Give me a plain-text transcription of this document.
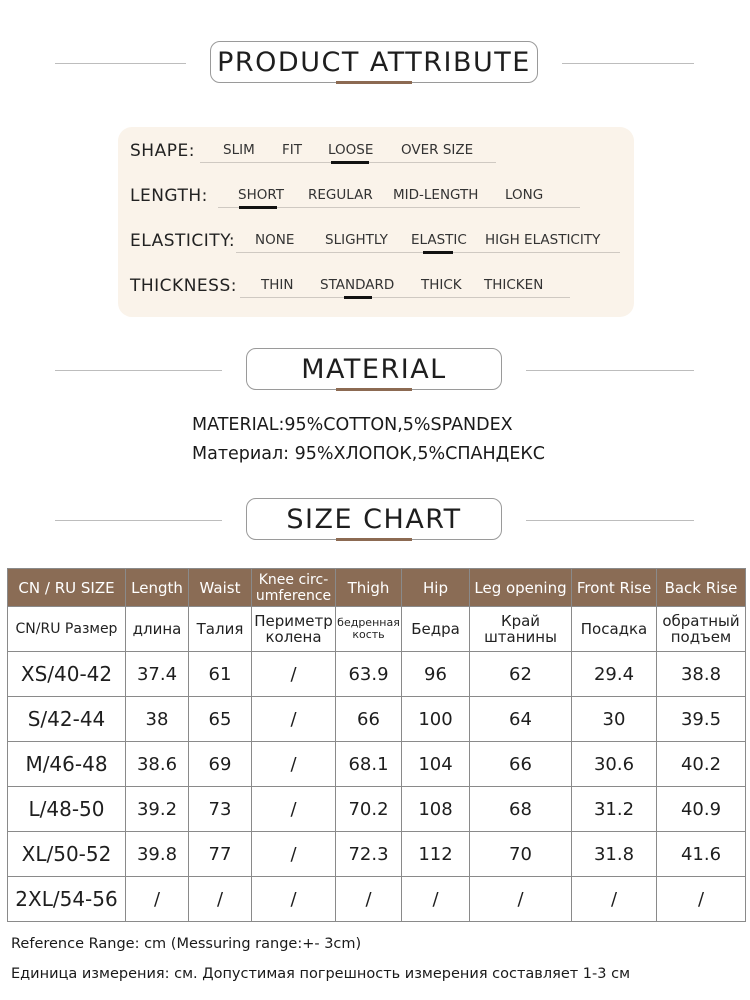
PRODUCT ATTRIBUTE
SHAPE: SLIM FIT LOOSE OVER SIZE
LENGTH: SHORT REGULAR MID-LENGTH LONG
ELASTICITY: NONE SLIGHTLY ELASTIC HIGH ELASTICITY
THICKNESS: THIN STANDARD THICK THICKEN
MATERIAL
MATERIAL:95%COTTON,5%SPANDEX
Материал: 95%ХЛОПОК,5%СПАНДЕКС
SIZE CHART
CN / RU SIZE	Length	Waist	Knee circ-umference	Thigh	Hip	Leg opening	Front Rise	Back Rise
CN/RU Размер	длина	Талия	Периметр колена	бедренная кость	Бедра	Край штанины	Посадка	обратный подъем
XS/40-42	37.4	61	/	63.9	96	62	29.4	38.8
S/42-44	38	65	/	66	100	64	30	39.5
M/46-48	38.6	69	/	68.1	104	66	30.6	40.2
L/48-50	39.2	73	/	70.2	108	68	31.2	40.9
XL/50-52	39.8	77	/	72.3	112	70	31.8	41.6
2XL/54-56	/	/	/	/	/	/	/	/
Reference Range: cm (Messuring range:+- 3cm)
Единица измерения: см. Допустимая погрешность измерения составляет 1-3 см
